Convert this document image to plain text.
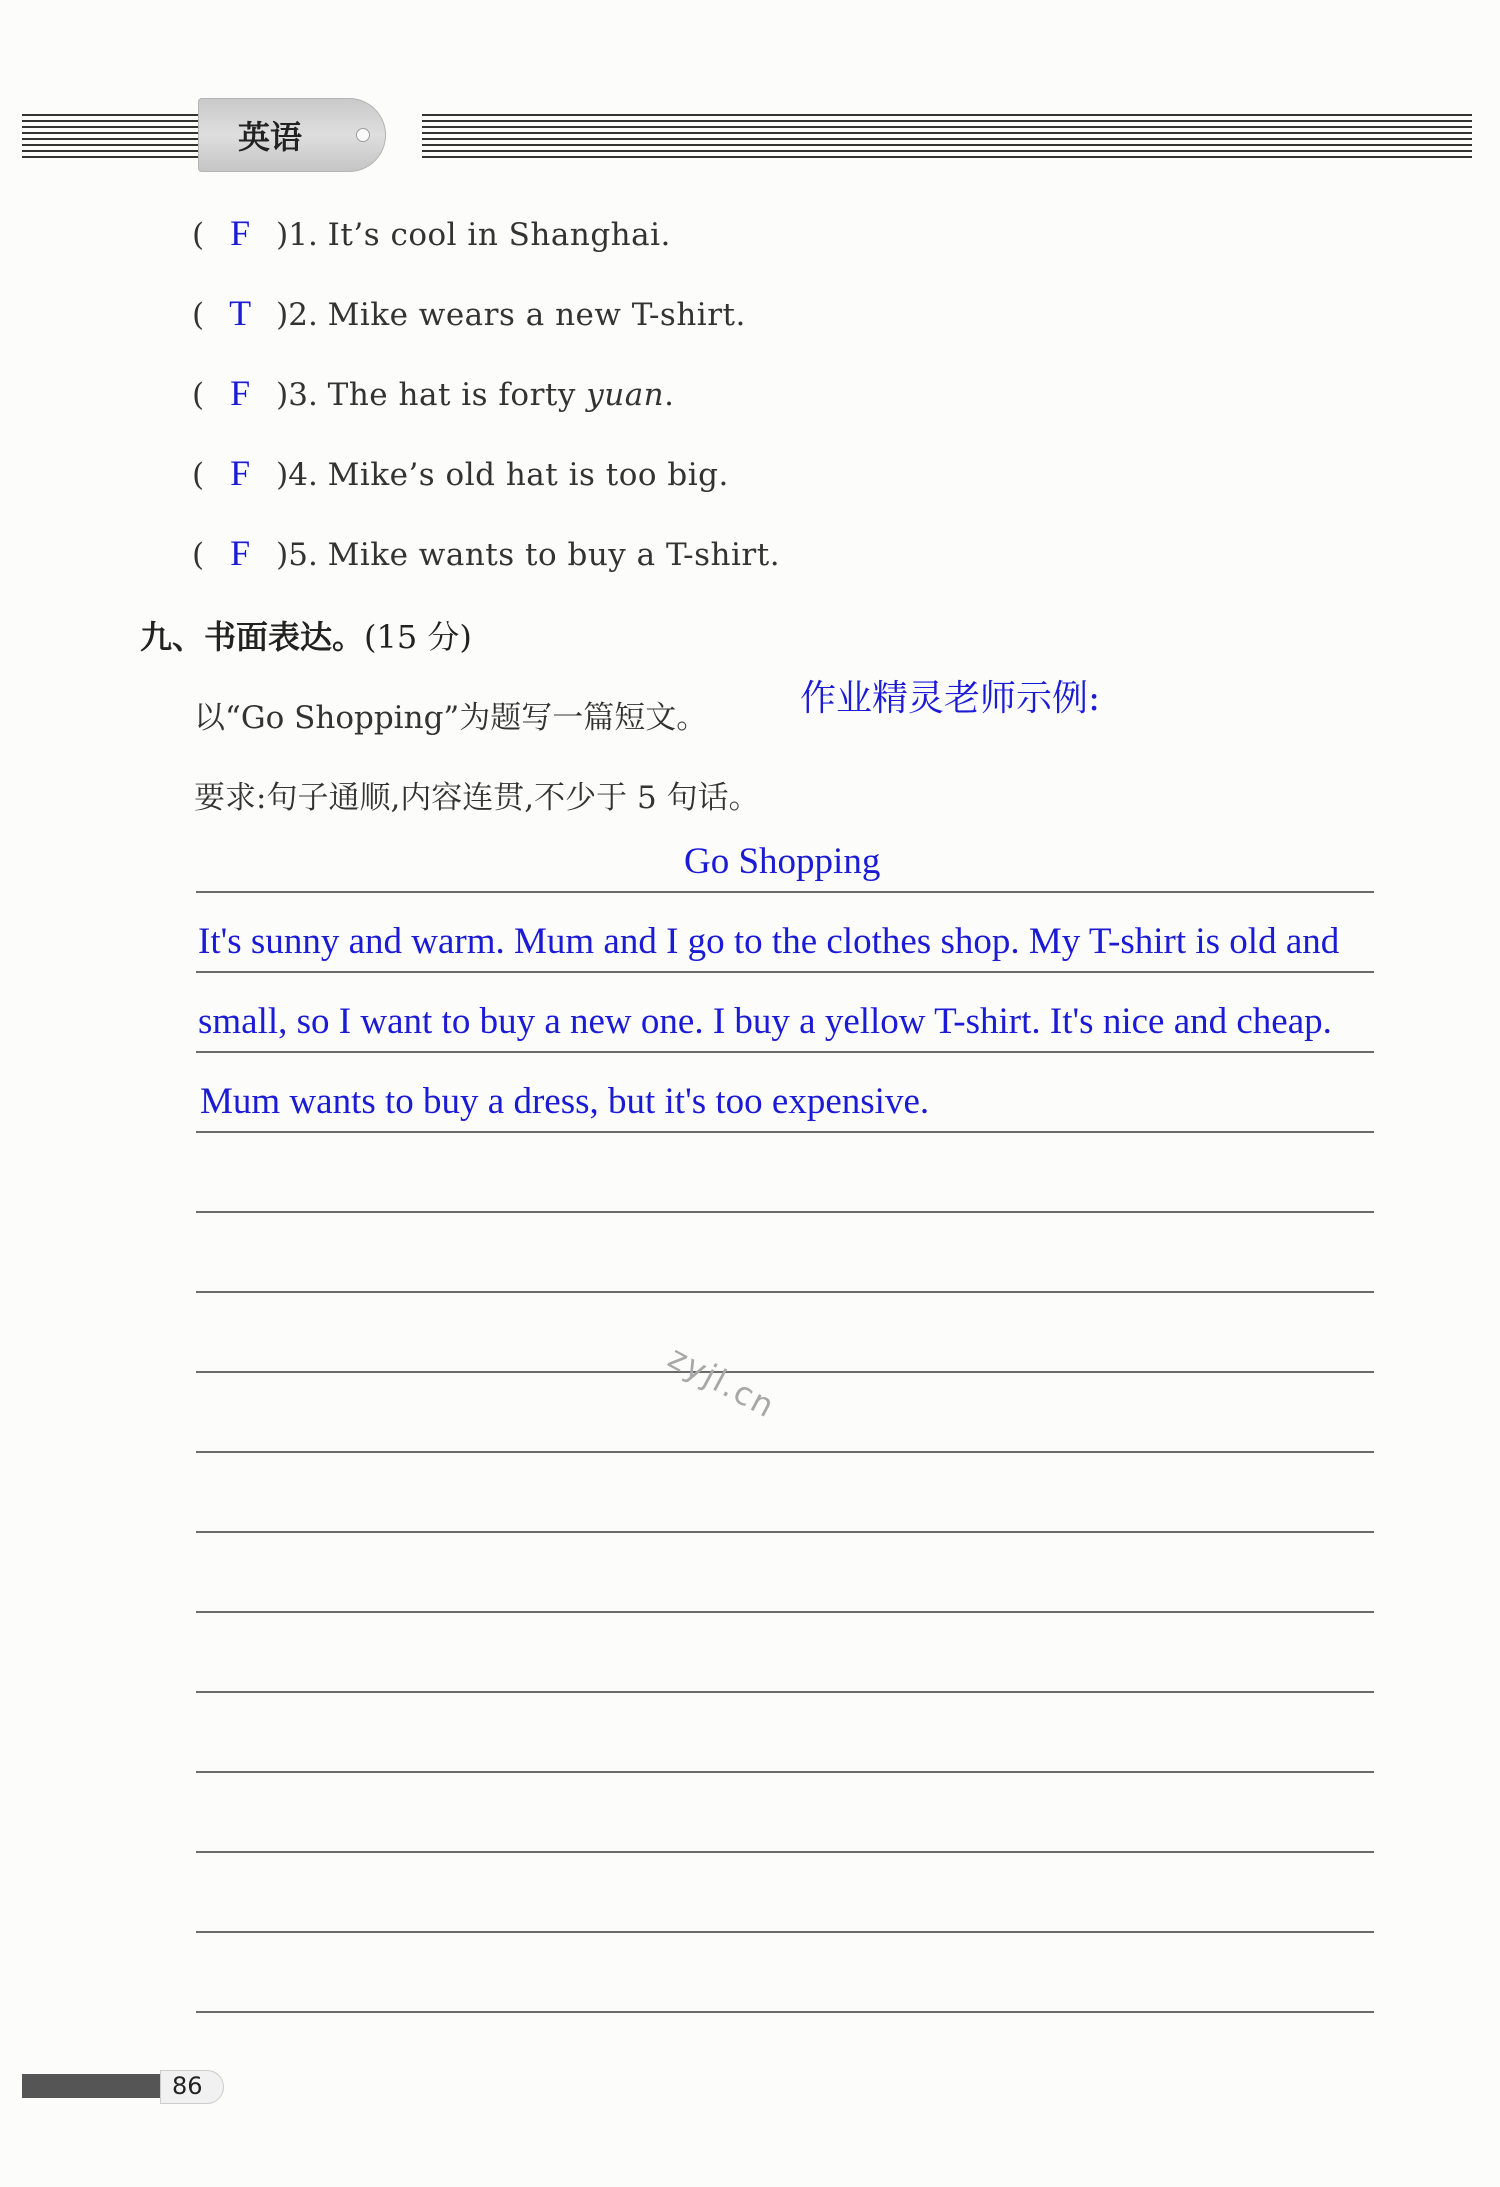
英语
( F )1. It’s cool in Shanghai.
( T )2. Mike wears a new T-shirt.
( F )3. The hat is forty yuan.
( F )4. Mike’s old hat is too big.
( F )5. Mike wants to buy a T-shirt.
九、书面表达。(15 分)
以“Go Shopping”为题写一篇短文。	作业精灵老师示例:
要求:句子通顺,内容连贯,不少于 5 句话。
Go Shopping
It's sunny and warm. Mum and I go to the clothes shop. My T-shirt is old and
small, so I want to buy a new one. I buy a yellow T-shirt. It's nice and cheap.
Mum wants to buy a dress, but it's too expensive.
zyjl.cn
86
